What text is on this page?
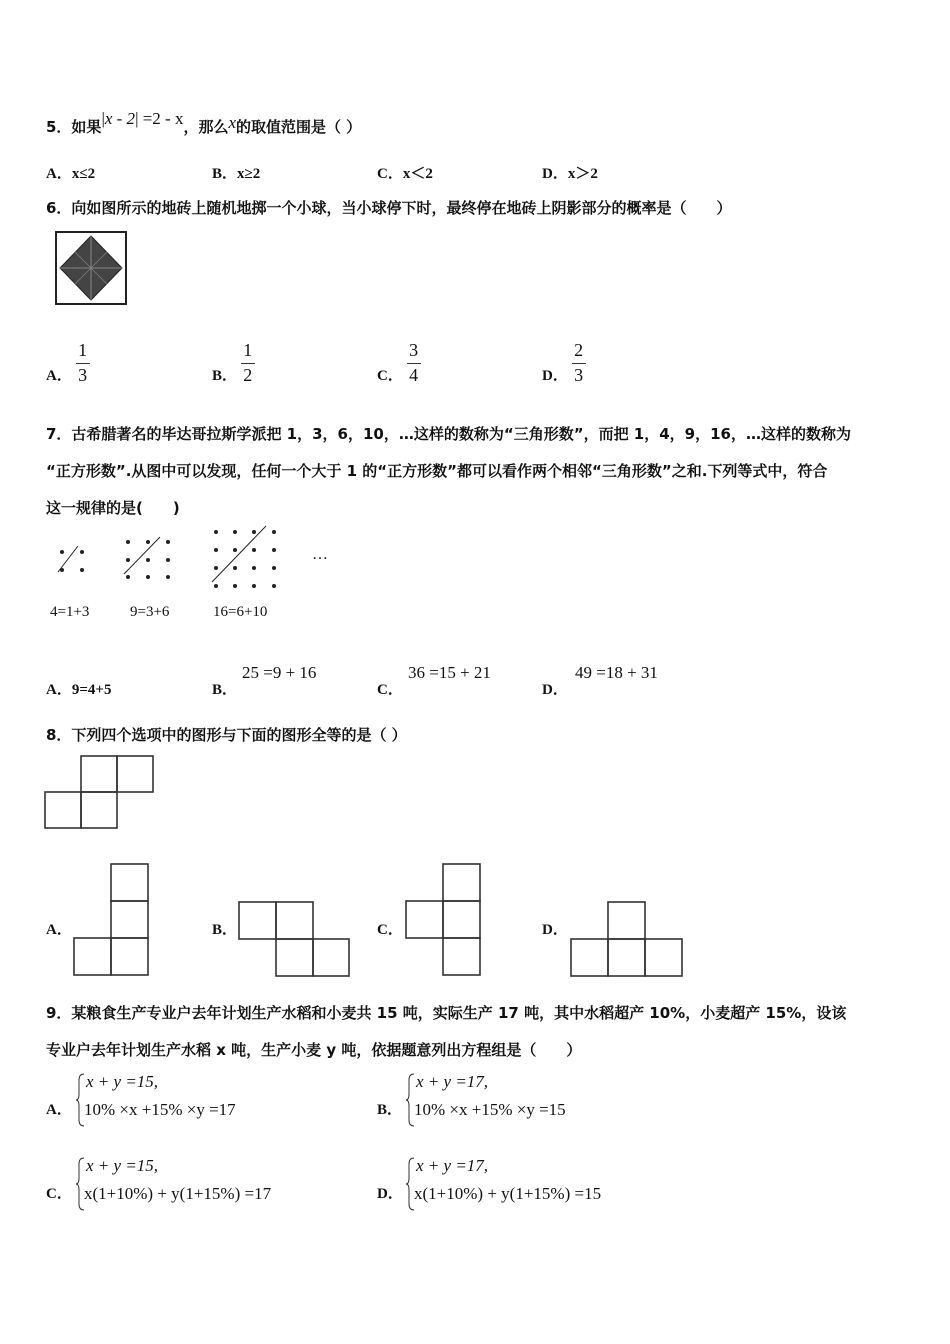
5．如果|x - 2| =2 - x，那么x的取值范围是（ ）
A．x≤2	B．x≥2	C．x＜2	D．x＞2
6．向如图所示的地砖上随机地掷一个小球，当小球停下时，最终停在地砖上阴影部分的概率是（　　）
A． $\frac{1}{3}$	B． $\frac{1}{2}$	C． $\frac{3}{4}$	D． $\frac{2}{3}$
7．古希腊著名的毕达哥拉斯学派把 1，3，6，10，…这样的数称为“三角形数”，而把 1，4，9，16，…这样的数称为
“正方形数”.从图中可以发现，任何一个大于 1 的“正方形数”都可以看作两个相邻“三角形数”之和.下列等式中，符合
这一规律的是(　　)
…
4=1+3	9=3+6	16=6+10
A．9=4+5	B．
25 =9 + 16
C．
36 =15 + 21
D．
49 =18 + 31
8．下列四个选项中的图形与下面的图形全等的是（ ）
A．	B．	C．	D．
9．某粮食生产专业户去年计划生产水稻和小麦共 15 吨，实际生产 17 吨，其中水稻超产 10%，小麦超产 15%，设该
专业户去年计划生产水稻 x 吨，生产小麦 y 吨，依据题意列出方程组是（　　）
A．
x + y =15,
10% ×x +15% ×y =17	B．
x + y =17,
10% ×x +15% ×y =15
C．
x + y =15,
x(1+10%) + y(1+15%) =17	D．
x + y =17,
x(1+10%) + y(1+15%) =15
